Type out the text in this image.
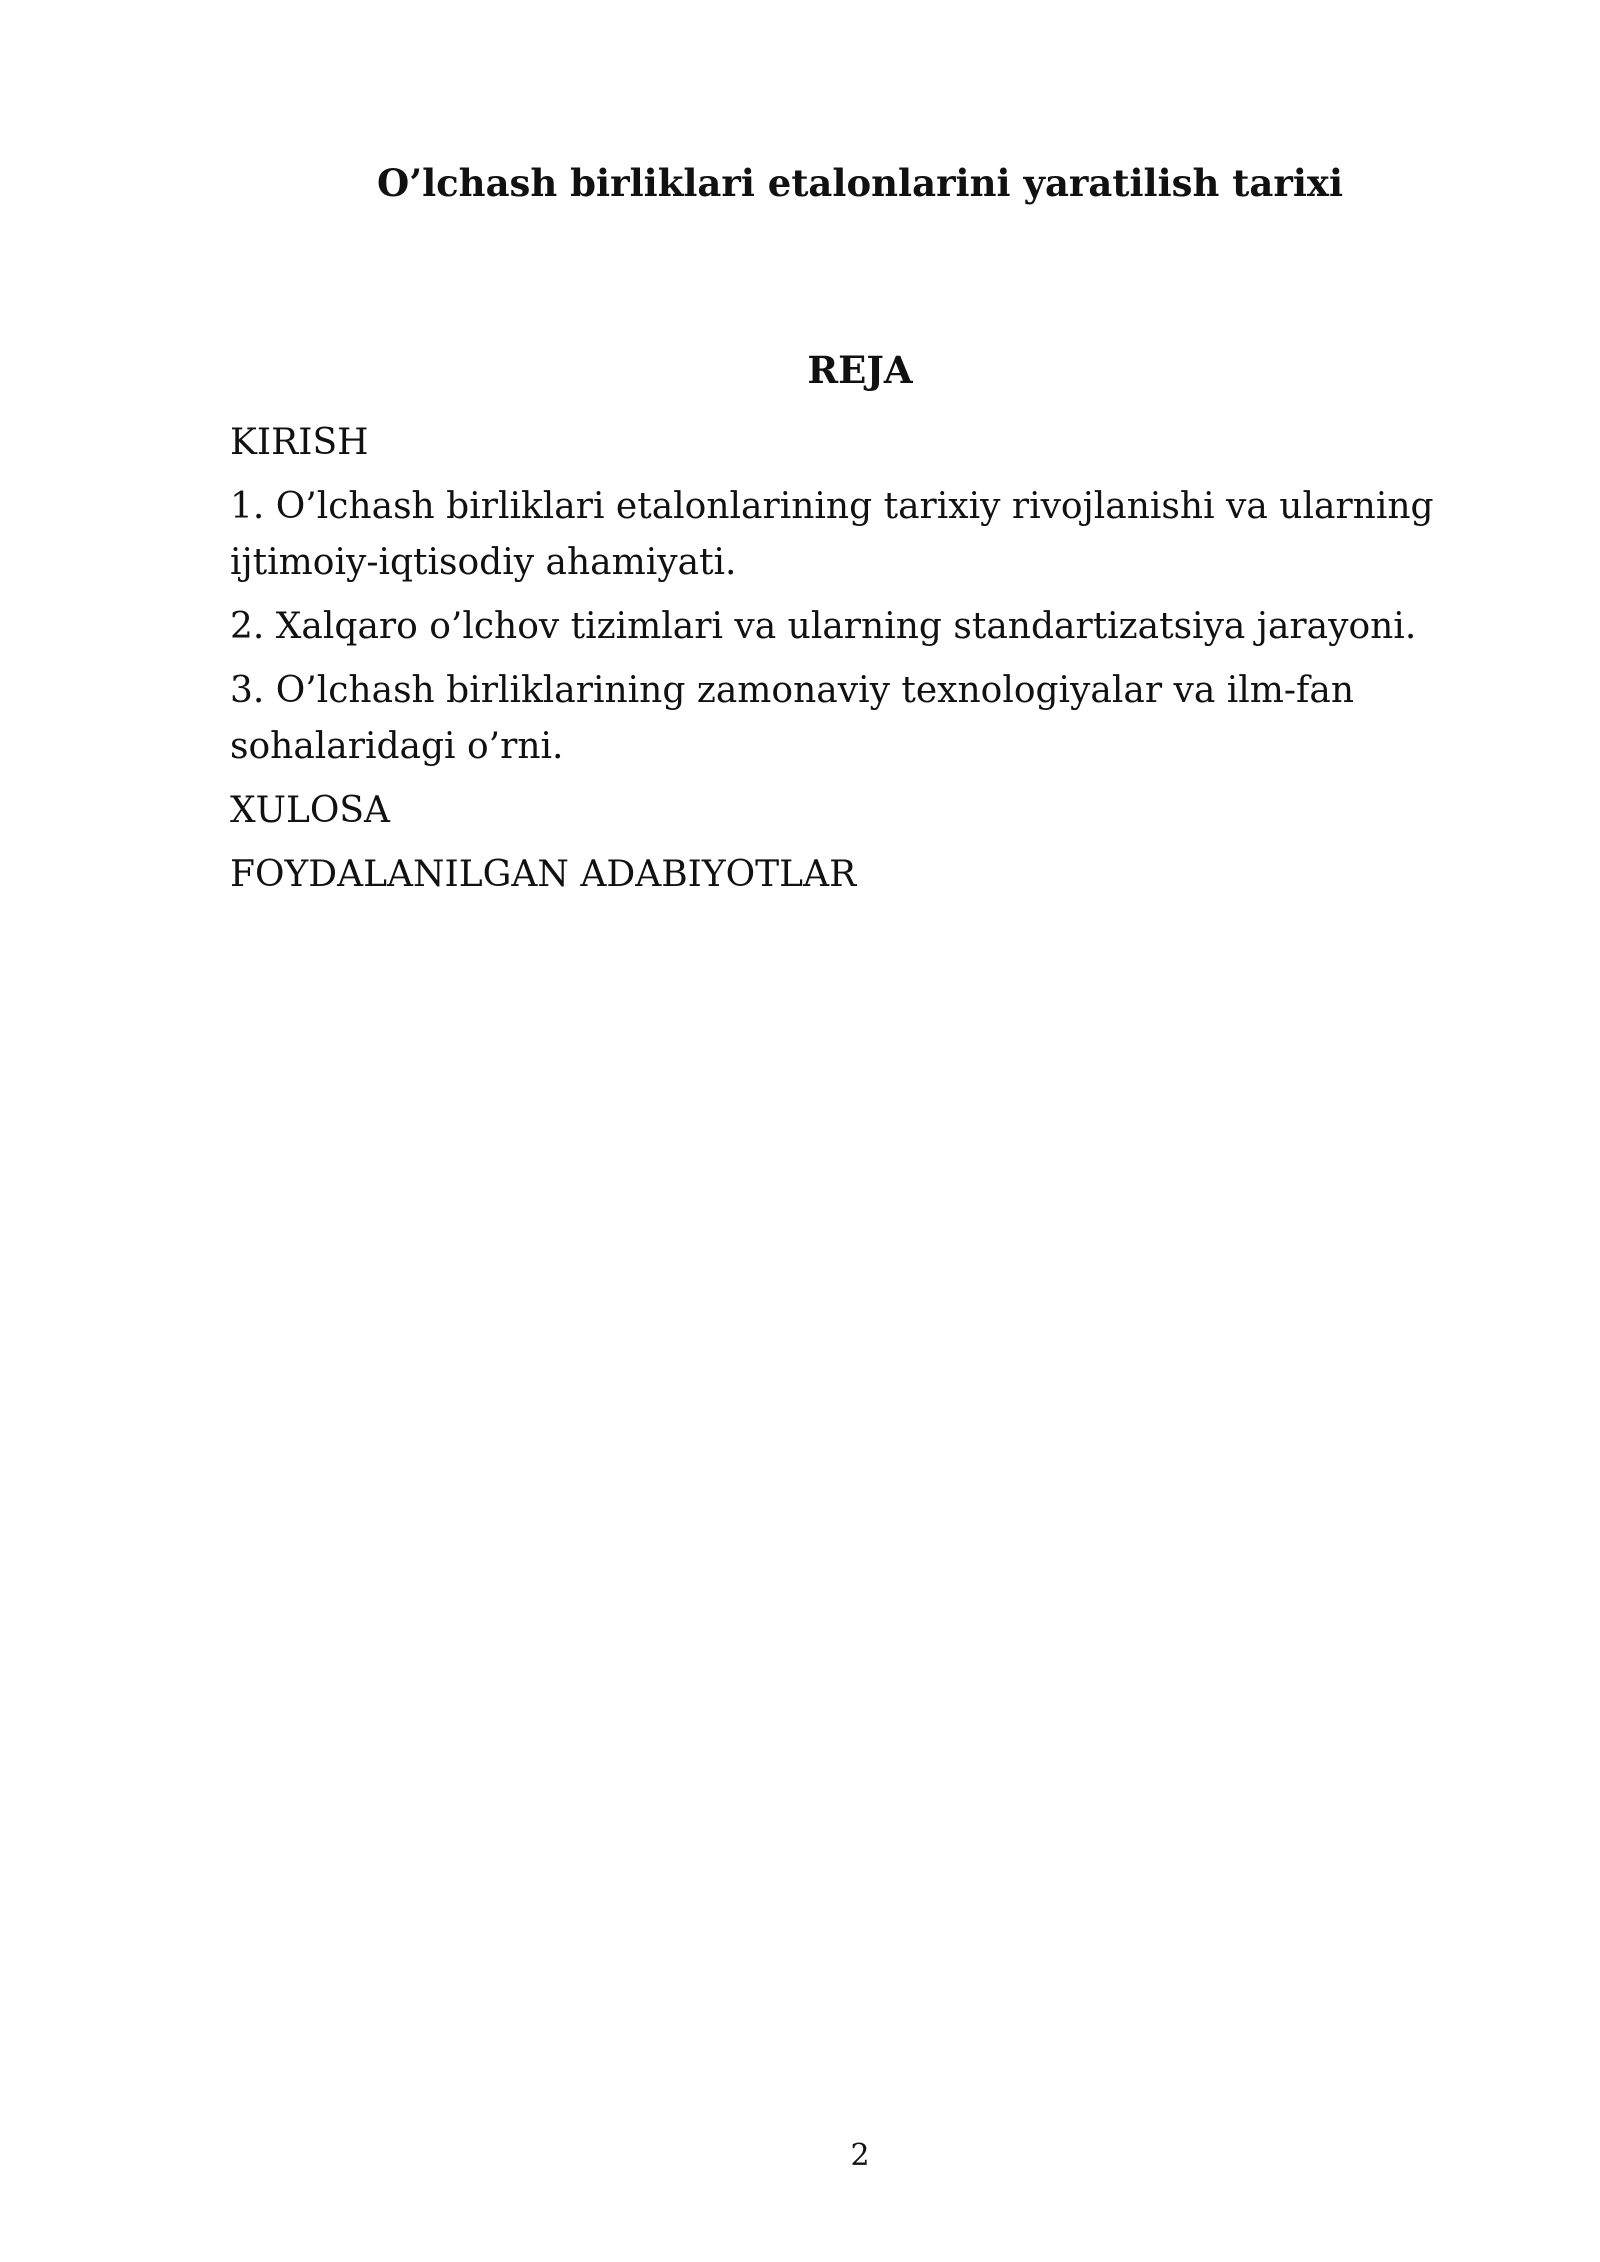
O’lchash birliklari etalonlarini yaratilish tarixi
REJA
KIRISH
1. O’lchash birliklari etalonlarining tarixiy rivojlanishi va ularning ijtimoiy-iqtisodiy ahamiyati.
2. Xalqaro o’lchov tizimlari va ularning standartizatsiya jarayoni.
3. O’lchash birliklarining zamonaviy texnologiyalar va ilm-fan sohalaridagi o’rni.
XULOSA
FOYDALANILGAN ADABIYOTLAR
2
